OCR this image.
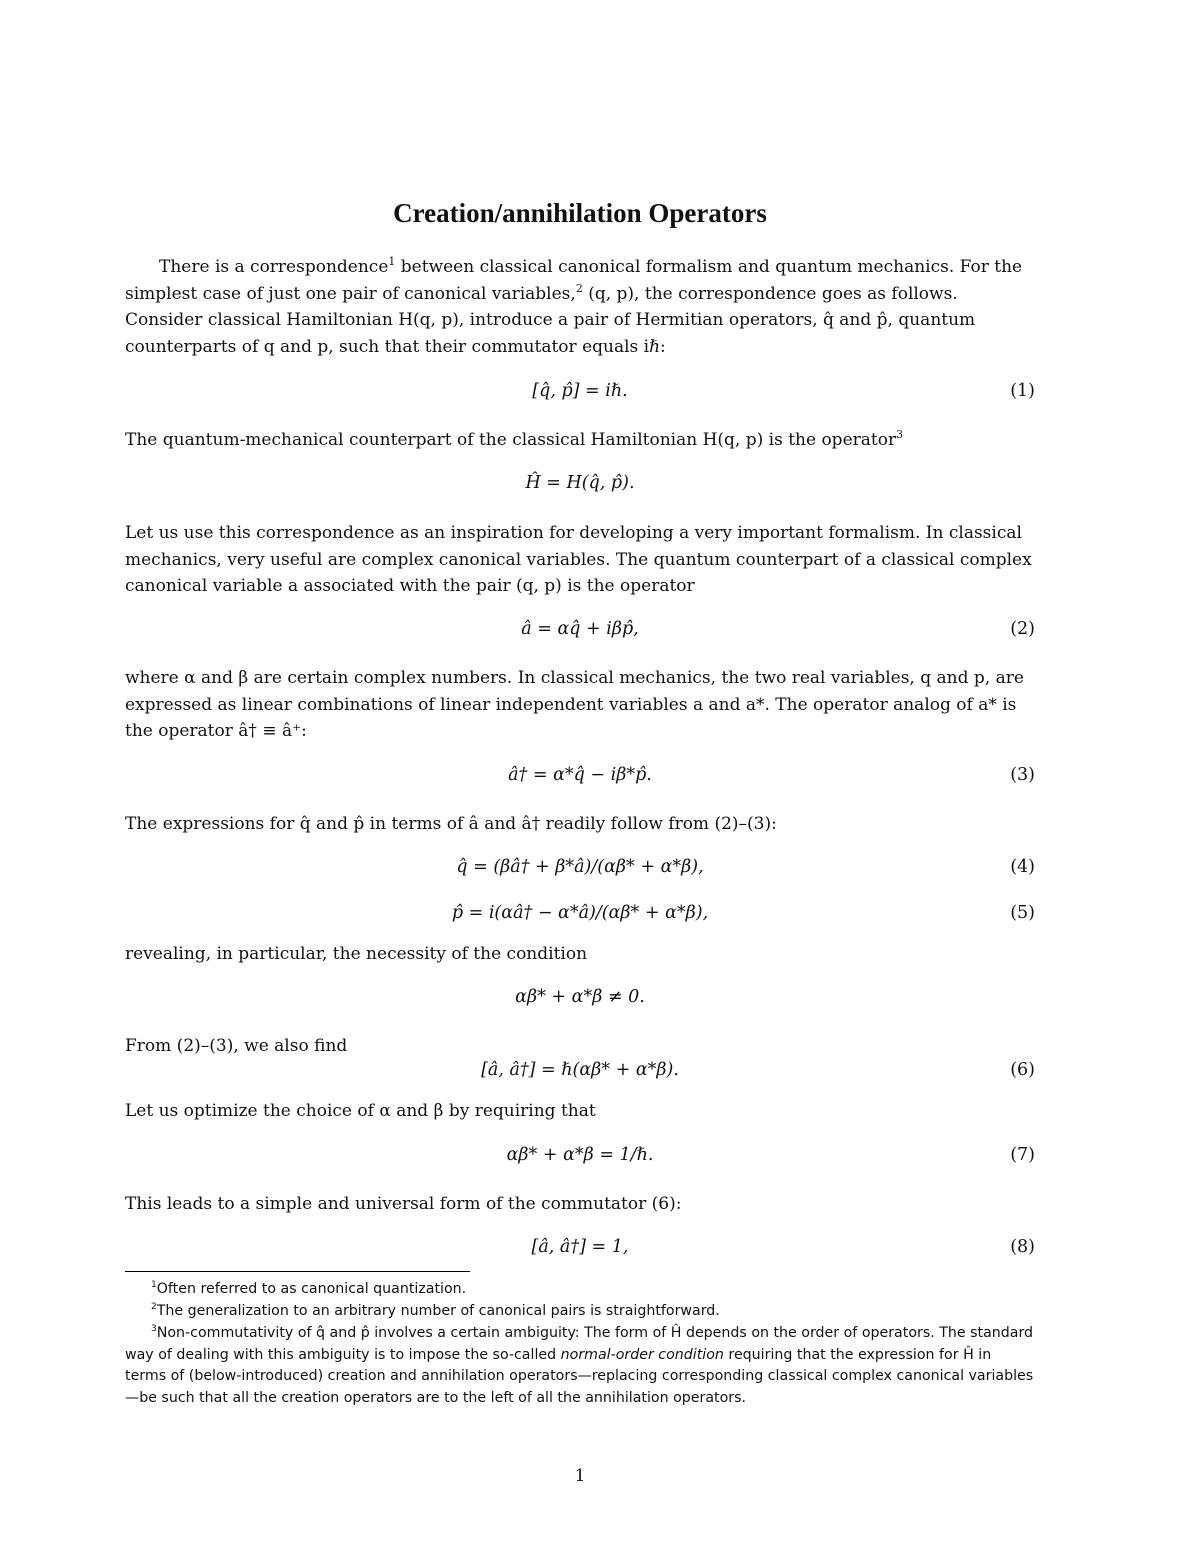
Creation/annihilation Operators
There is a correspondence$^1$ between classical canonical formalism and quantum mechanics. For the simplest case of just one pair of canonical variables,$^2$ (q, p), the correspondence goes as follows. Consider classical Hamiltonian H(q, p), introduce a pair of Hermitian operators, q̂ and p̂, quantum counterparts of q and p, such that their commutator equals iℏ:
[q̂, p̂] = iℏ.	(1)
The quantum-mechanical counterpart of the classical Hamiltonian H(q, p) is the operator$^3$
Ĥ = H(q̂, p̂).
Let us use this correspondence as an inspiration for developing a very important formalism. In classical mechanics, very useful are complex canonical variables. The quantum counterpart of a classical complex canonical variable a associated with the pair (q, p) is the operator
â = αq̂ + iβp̂,	(2)
where α and β are certain complex numbers. In classical mechanics, the two real variables, q and p, are expressed as linear combinations of linear independent variables a and a*. The operator analog of a* is the operator â† ≡ â⁺:
â† = α*q̂ − iβ*p̂.	(3)
The expressions for q̂ and p̂ in terms of â and â† readily follow from (2)–(3):
q̂ = (βâ† + β*â)/(αβ* + α*β),	(4)
p̂ = i(αâ† − α*â)/(αβ* + α*β),	(5)
revealing, in particular, the necessity of the condition
αβ* + α*β ≠ 0.
From (2)–(3), we also find
[â, â†] = ℏ(αβ* + α*β).	(6)
Let us optimize the choice of α and β by requiring that
αβ* + α*β = 1/ℏ.	(7)
This leads to a simple and universal form of the commutator (6):
[â, â†] = 1,	(8)
$^1$Often referred to as canonical quantization.
$^2$The generalization to an arbitrary number of canonical pairs is straightforward.
$^3$Non-commutativity of q̂ and p̂ involves a certain ambiguity: The form of Ĥ depends on the order of operators. The standard way of dealing with this ambiguity is to impose the so-called normal-order condition requiring that the expression for Ĥ in terms of (below-introduced) creation and annihilation operators—replacing corresponding classical complex canonical variables—be such that all the creation operators are to the left of all the annihilation operators.
1
